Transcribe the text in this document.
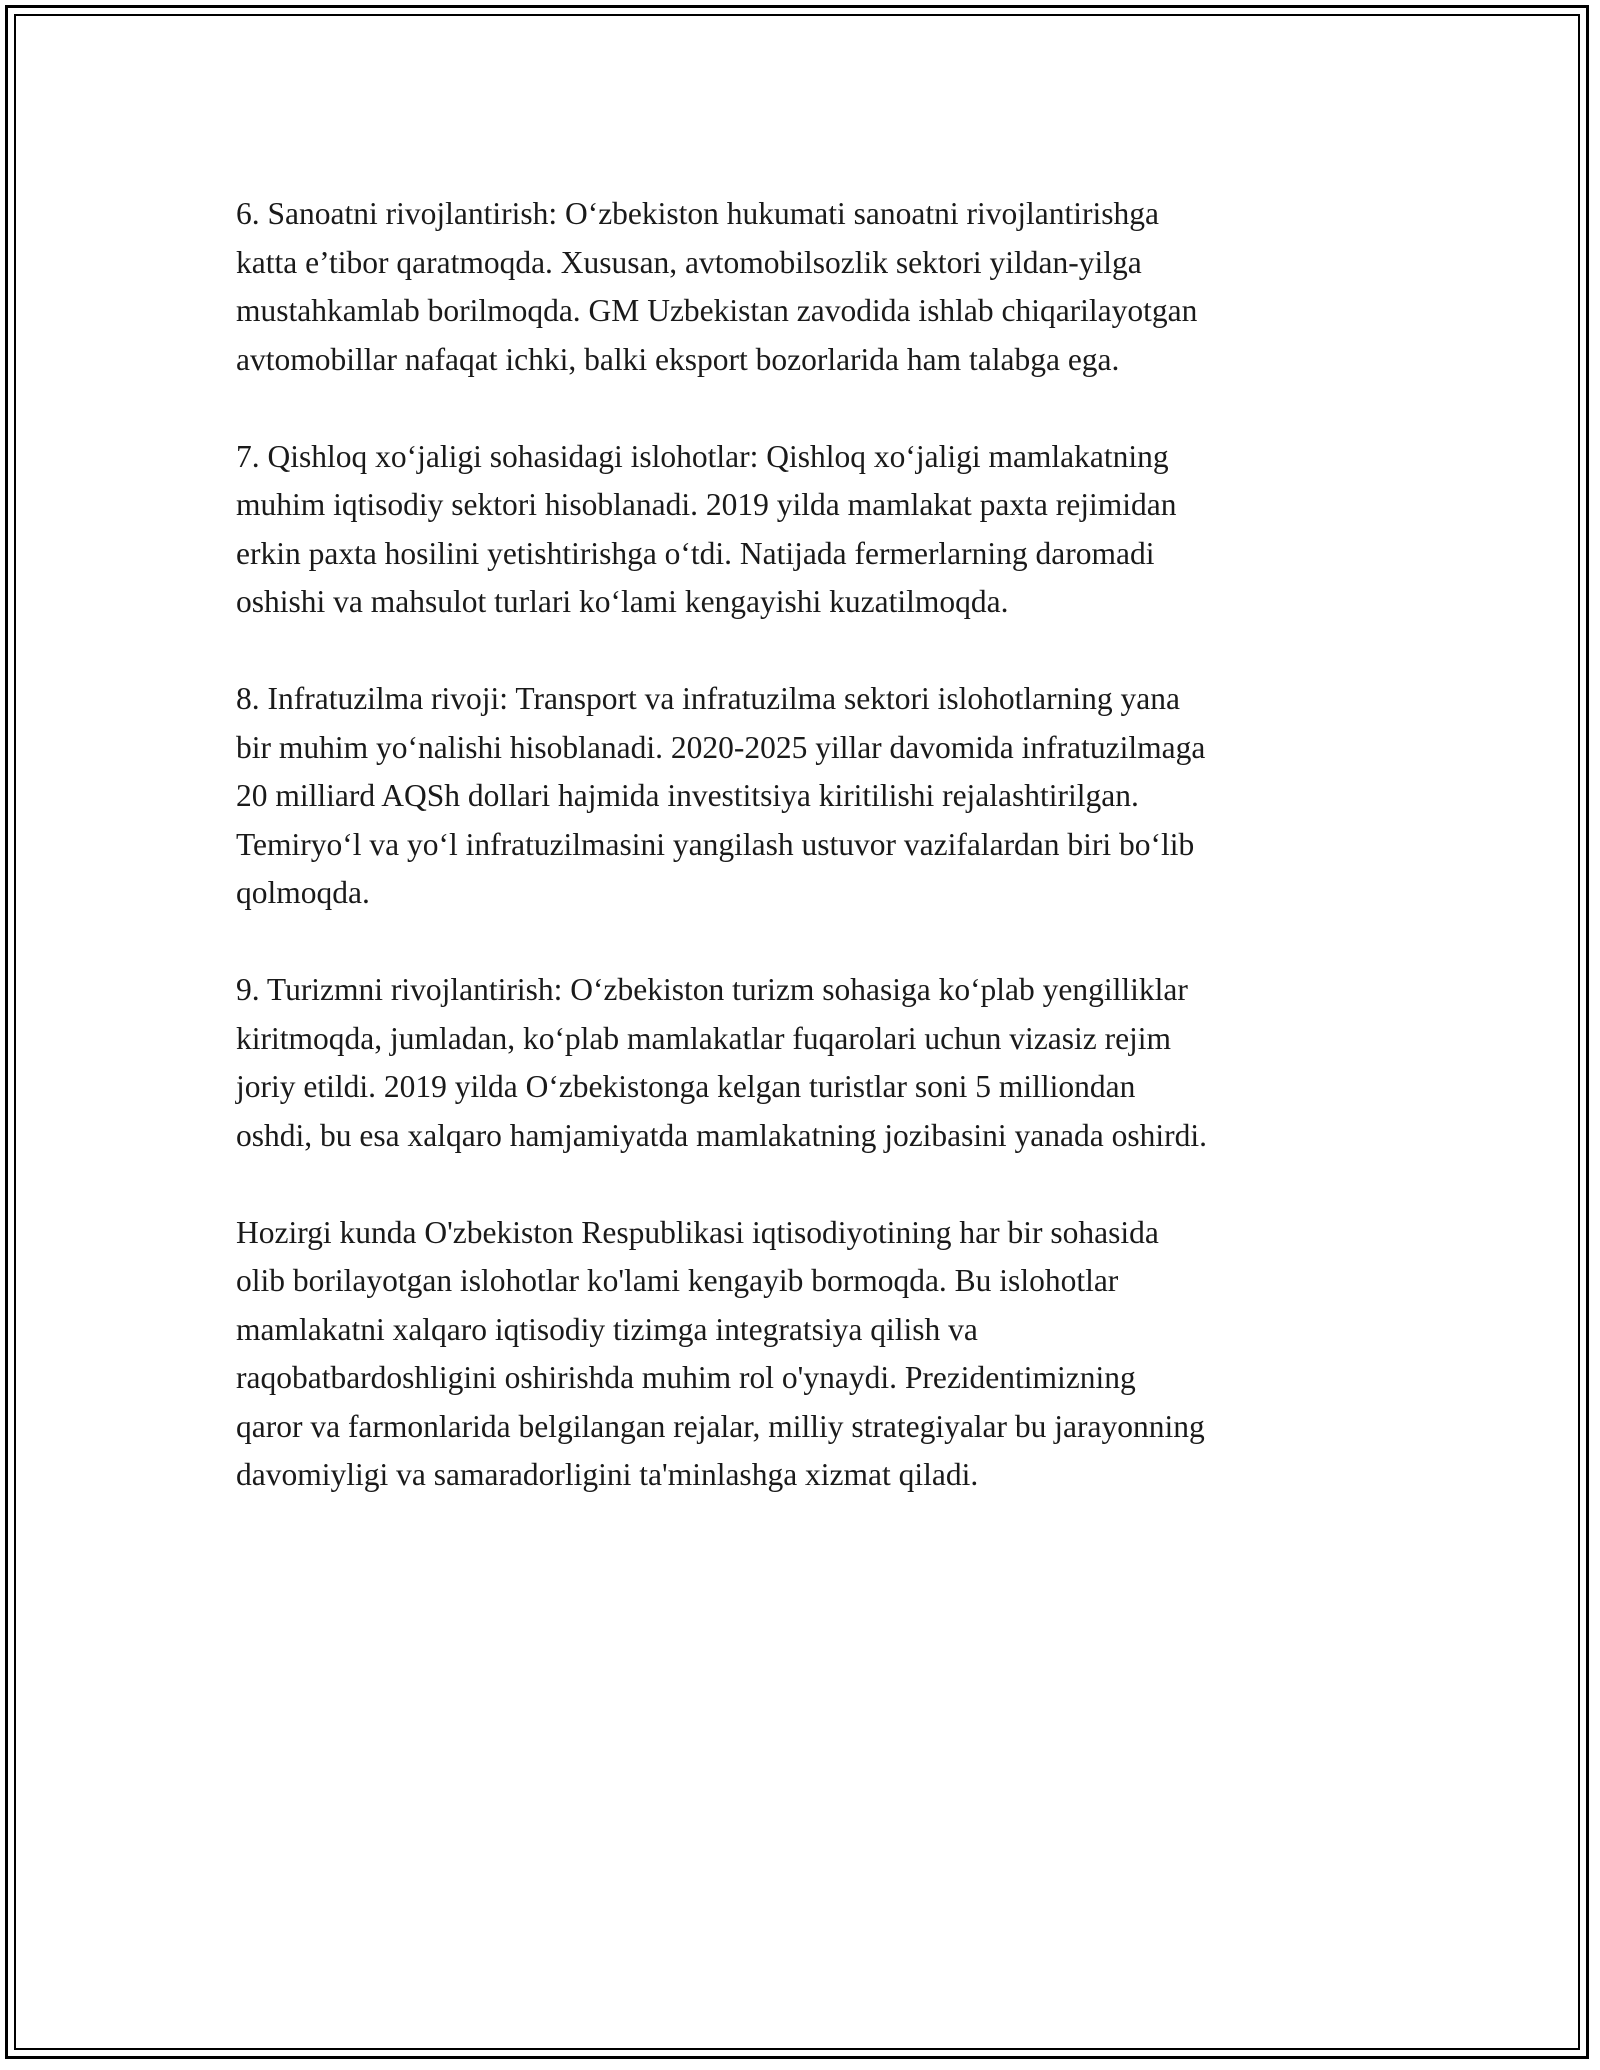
6. Sanoatni rivojlantirish: O‘zbekiston hukumati sanoatni rivojlantirishga
katta e’tibor qaratmoqda. Xususan, avtomobilsozlik sektori yildan-yilga
mustahkamlab borilmoqda. GM Uzbekistan zavodida ishlab chiqarilayotgan
avtomobillar nafaqat ichki, balki eksport bozorlarida ham talabga ega.

7. Qishloq xo‘jaligi sohasidagi islohotlar: Qishloq xo‘jaligi mamlakatning
muhim iqtisodiy sektori hisoblanadi. 2019 yilda mamlakat paxta rejimidan
erkin paxta hosilini yetishtirishga o‘tdi. Natijada fermerlarning daromadi
oshishi va mahsulot turlari ko‘lami kengayishi kuzatilmoqda.

8. Infratuzilma rivoji: Transport va infratuzilma sektori islohotlarning yana
bir muhim yo‘nalishi hisoblanadi. 2020-2025 yillar davomida infratuzilmaga
20 milliard AQSh dollari hajmida investitsiya kiritilishi rejalashtirilgan.
Temiryo‘l va yo‘l infratuzilmasini yangilash ustuvor vazifalardan biri bo‘lib
qolmoqda.

9. Turizmni rivojlantirish: O‘zbekiston turizm sohasiga ko‘plab yengilliklar
kiritmoqda, jumladan, ko‘plab mamlakatlar fuqarolari uchun vizasiz rejim
joriy etildi. 2019 yilda O‘zbekistonga kelgan turistlar soni 5 milliondan
oshdi, bu esa xalqaro hamjamiyatda mamlakatning jozibasini yanada oshirdi.

Hozirgi kunda O'zbekiston Respublikasi iqtisodiyotining har bir sohasida
olib borilayotgan islohotlar ko'lami kengayib bormoqda. Bu islohotlar
mamlakatni xalqaro iqtisodiy tizimga integratsiya qilish va
raqobatbardoshligini oshirishda muhim rol o'ynaydi. Prezidentimizning
qaror va farmonlarida belgilangan rejalar, milliy strategiyalar bu jarayonning
davomiyligi va samaradorligini ta'minlashga xizmat qiladi.
